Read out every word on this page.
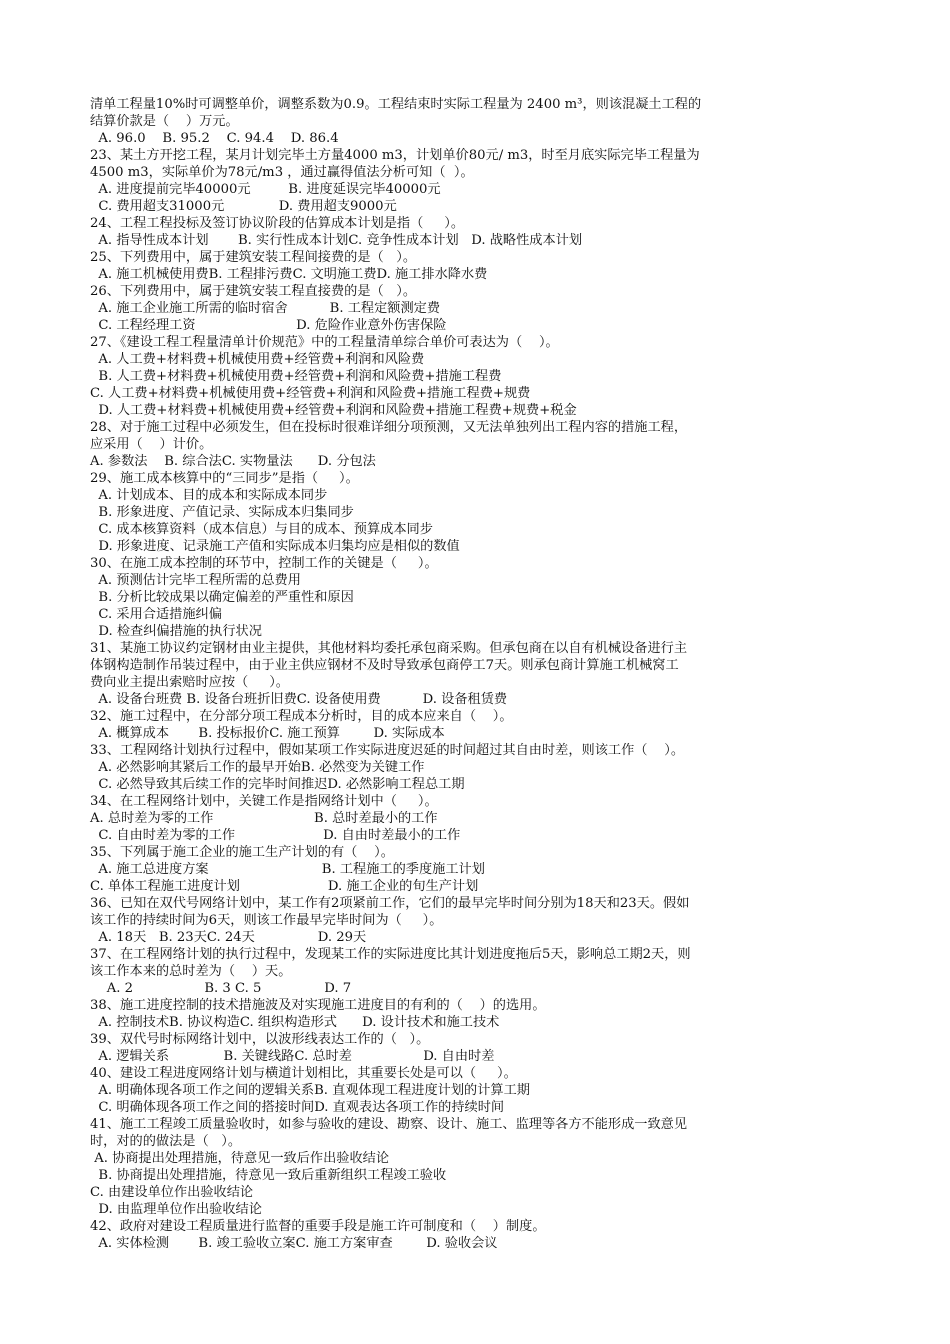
清单工程量10%时可调整单价，调整系数为0.9。工程结束时实际工程量为 2400 m³，则该混凝土工程的
结算价款是（    ）万元。
A. 96.0    B. 95.2    C. 94.4    D. 86.4
23、某土方开挖工程，某月计划完毕土方量4000 m3，计划单价80元/ m3，时至月底实际完毕工程量为
4500 m3，实际单价为78元/m3 ，通过赢得值法分析可知（  ）。
A. 进度提前完毕40000元         B. 进度延误完毕40000元
C. 费用超支31000元             D. 费用超支9000元
24、工程工程投标及签订协议阶段的估算成本计划是指（     ）。
A. 指导性成本计划       B. 实行性成本计划C. 竞争性成本计划   D. 战略性成本计划
25、下列费用中，属于建筑安装工程间接费的是（   ）。
A. 施工机械使用费B. 工程排污费C. 文明施工费D. 施工排水降水费
26、下列费用中，属于建筑安装工程直接费的是（   ）。
A. 施工企业施工所需的临时宿舍          B. 工程定额测定费
C. 工程经理工资                        D. 危险作业意外伤害保险
27、《建设工程工程量清单计价规范》中的工程量清单综合单价可表达为（    ）。
A. 人工费+材料费+机械使用费+经管费+利润和风险费
B. 人工费+材料费+机械使用费+经管费+利润和风险费+措施工程费
C. 人工费+材料费+机械使用费+经管费+利润和风险费+措施工程费+规费
D. 人工费+材料费+机械使用费+经管费+利润和风险费+措施工程费+规费+税金
28、对于施工过程中必须发生，但在投标时很难详细分项预测，又无法单独列出工程内容的措施工程，
应采用（    ）计价。
A. 参数法    B. 综合法C. 实物量法      D. 分包法
29、施工成本核算中的“三同步”是指（     ）。
A. 计划成本、目的成本和实际成本同步
B. 形象进度、产值记录、实际成本归集同步
C. 成本核算资料（成本信息）与目的成本、预算成本同步
D. 形象进度、记录施工产值和实际成本归集均应是相似的数值
30、在施工成本控制的环节中，控制工作的关键是（     ）。
A. 预测估计完毕工程所需的总费用
B. 分析比较成果以确定偏差的严重性和原因
C. 采用合适措施纠偏
D. 检查纠偏措施的执行状况
31、某施工协议约定钢材由业主提供，其他材料均委托承包商采购。但承包商在以自有机械设备进行主
体钢构造制作吊装过程中，由于业主供应钢材不及时导致承包商停工7天。则承包商计算施工机械窝工
费向业主提出索赔时应按（     ）。
A. 设备台班费 B. 设备台班折旧费C. 设备使用费          D. 设备租赁费
32、施工过程中，在分部分项工程成本分析时，目的成本应来自（    ）。
A. 概算成本       B. 投标报价C. 施工预算        D. 实际成本
33、工程网络计划执行过程中，假如某项工作实际进度迟延的时间超过其自由时差，则该工作（    ）。
A. 必然影响其紧后工作的最早开始B. 必然变为关键工作
C. 必然导致其后续工作的完毕时间推迟D. 必然影响工程总工期
34、在工程网络计划中，关键工作是指网络计划中（     ）。
A. 总时差为零的工作                        B. 总时差最小的工作
C. 自由时差为零的工作                     D. 自由时差最小的工作
35、下列属于施工企业的施工生产计划的有（    ）。
A. 施工总进度方案                           B. 工程施工的季度施工计划
C. 单体工程施工进度计划                     D. 施工企业的旬生产计划
36、已知在双代号网络计划中，某工作有2项紧前工作，它们的最早完毕时间分别为18天和23天。假如
该工作的持续时间为6天，则该工作最早完毕时间为（     ）。
A. 18天   B. 23天C. 24天               D. 29天
37、在工程网络计划的执行过程中，发现某工作的实际进度比其计划进度拖后5天，影响总工期2天，则
该工作本来的总时差为（    ）天。
A. 2                 B. 3 C. 5               D. 7
38、施工进度控制的技术措施波及对实现施工进度目的有利的（    ）的选用。
A. 控制技术B. 协议构造C. 组织构造形式      D. 设计技术和施工技术
39、双代号时标网络计划中，以波形线表达工作的（   ）。
A. 逻辑关系             B. 关键线路C. 总时差                 D. 自由时差
40、建设工程进度网络计划与横道计划相比，其重要长处是可以（     ）。
A. 明确体现各项工作之间的逻辑关系B. 直观体现工程进度计划的计算工期
C. 明确体现各项工作之间的搭接时间D. 直观表达各项工作的持续时间
41、施工工程竣工质量验收时，如参与验收的建设、勘察、设计、施工、监理等各方不能形成一致意见
时，对的的做法是（   ）。
A. 协商提出处理措施，待意见一致后作出验收结论
B. 协商提出处理措施，待意见一致后重新组织工程竣工验收
C. 由建设单位作出验收结论
D. 由监理单位作出验收结论
42、政府对建设工程质量进行监督的重要手段是施工许可制度和（    ）制度。
A. 实体检测       B. 竣工验收立案C. 施工方案审查        D. 验收会议
